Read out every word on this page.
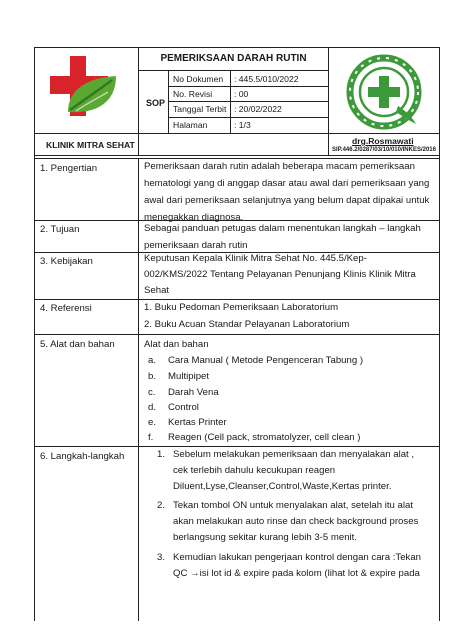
PEMERIKSAAN DARAH RUTIN
SOP
No Dokumen : 445.5/010/2022
No. Revisi	: 00
Tanggal Terbit : 20/02/2022
Halaman	: 1/3
KLINIK MITRA SEHAT	drg.Rosmawati
SIP.446.2/0287/03/10/010/INKES/2016
1. Pengertian	Pemeriksaan darah rutin adalah beberapa macam pemeriksaan
hematologi yang di anggap dasar atau awal dari pemeriksaan yang
awal dari pemeriksaan selanjutnya yang belum dapat dipakai untuk
menegakkan diagnosa.
2. Tujuan	Sebagai panduan petugas dalam menentukan langkah – langkah
pemeriksaan darah rutin
3. Kebijakan	Keputusan Kepala Klinik Mitra Sehat No. 445.5/Kep-
002/KMS/2022 Tentang Pelayanan Penunjang Klinis Klinik Mitra
Sehat
4. Referensi	1. Buku Pedoman Pemeriksaan Laboratorium
2. Buku Acuan Standar Pelayanan Laboratorium
5. Alat dan bahan	Alat dan bahan
a. Cara Manual ( Metode Pengenceran Tabung )
b. Multipipet
c. Darah Vena
d. Control
e. Kertas Printer
f. Reagen (Cell pack, stromatolyzer, cell clean )
6. Langkah-langkah	1. Sebelum melakukan pemeriksaan dan menyalakan alat ,
cek terlebih dahulu kecukupan reagen
Diluent,Lyse,Cleanser,Control,Waste,Kertas printer.
2. Tekan tombol ON untuk menyalakan alat, setelah itu alat
akan melakukan auto rinse dan check background proses
berlangsung sekitar kurang lebih 3-5 menit.
3. Kemudian lakukan pengerjaan kontrol dengan cara :Tekan
QC →isi lot id & expire pada kolom (lihat lot & expire pada
